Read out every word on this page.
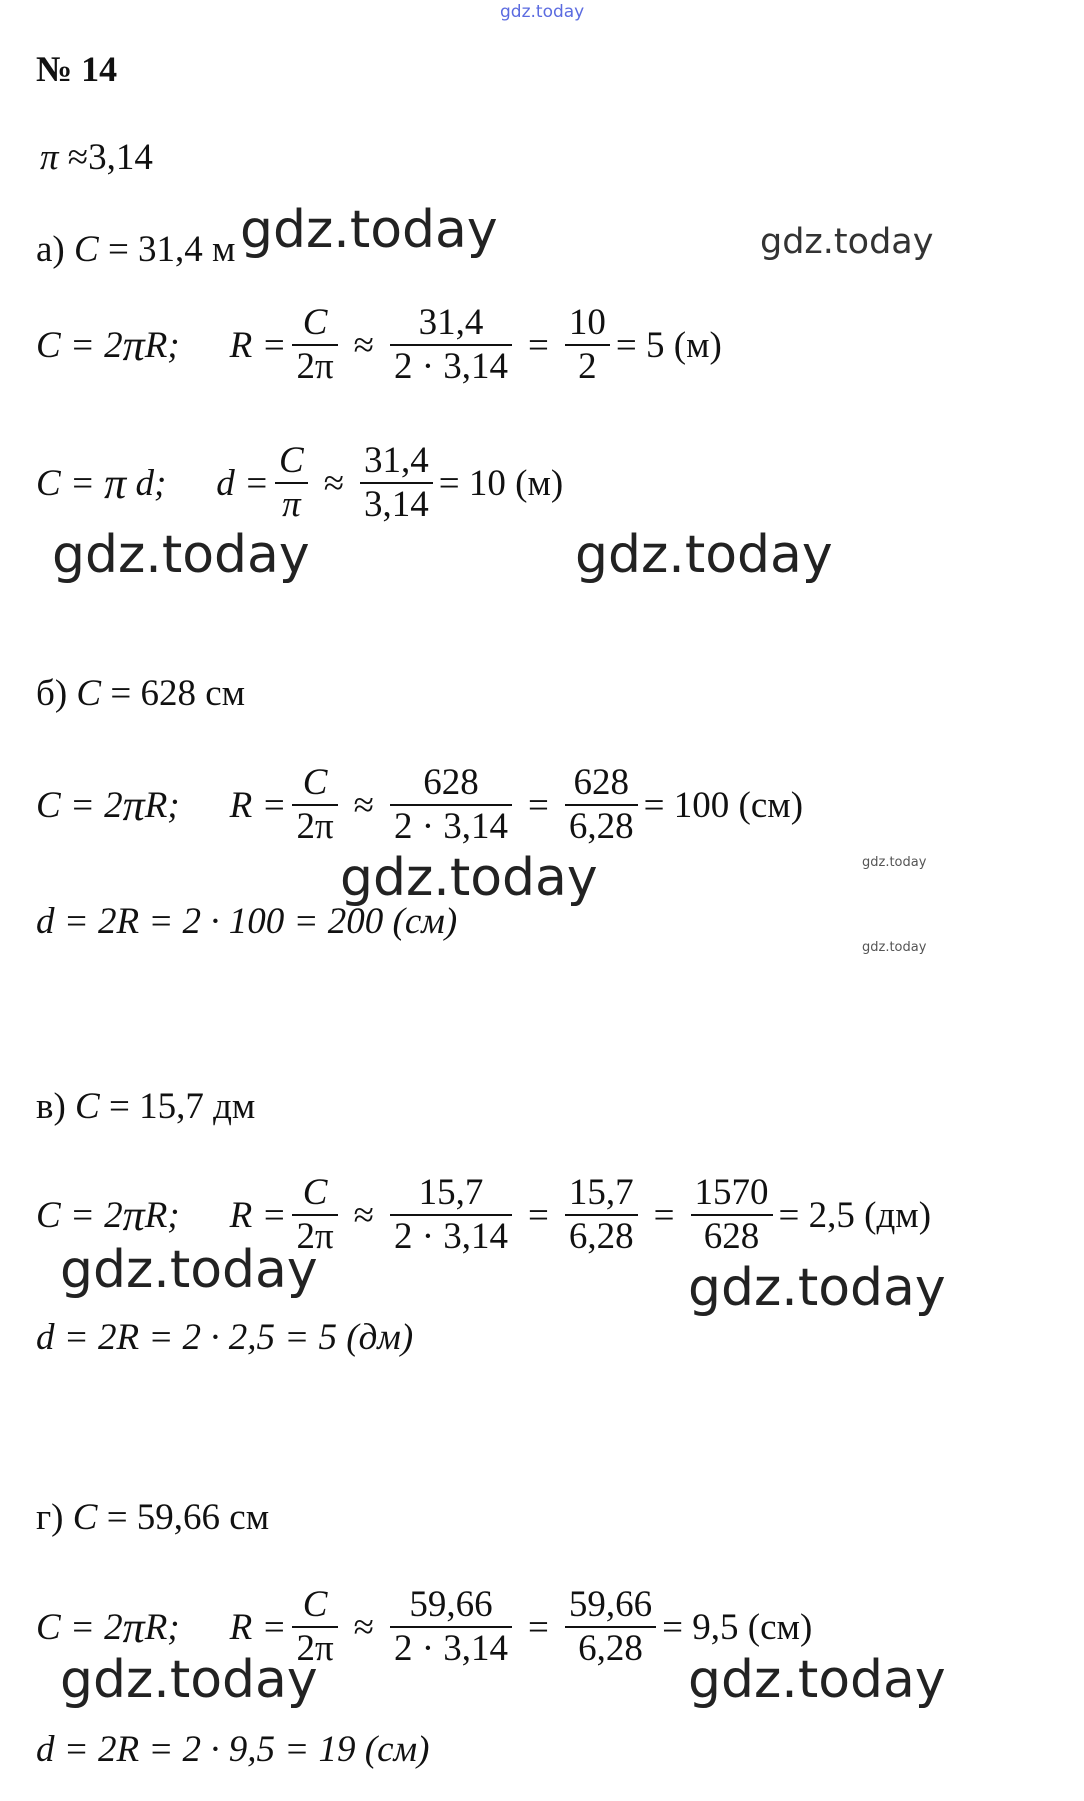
gdz.today
№ 14
π ≈3,14
а) C = 31,4 м gdz.today	gdz.today
C = 2 π R; $R = \frac{C}{2\pi} \approx \frac{31,4}{2 \cdot 3,14} = \frac{10}{2} = 5$ (м)
C =
π
d; $d = \frac{C}{\pi} \approx \frac{31,4}{3,14} = 10$ (м)
gdz.today	gdz.today
б) C = 628 см
C = 2 π R; $R = \frac{C}{2\pi} \approx \frac{628}{2 \cdot 3,14} = \frac{628}{6,28} = 100$ (см)
gdz.today	gdz.today
d = 2R = 2 · 100 = 200 (см)
gdz.today
в) C = 15,7 дм
C = 2 π R; $R = \frac{C}{2\pi} \approx \frac{15,7}{2 \cdot 3,14} = \frac{15,7}{6,28} = \frac{1570}{628} = 2,5$ (дм)
gdz.today	gdz.today
d = 2R = 2 · 2,5 = 5 (дм)
г) C = 59,66 см
C = 2 π R; $R = \frac{C}{2\pi} \approx \frac{59,66}{2 \cdot 3,14} = \frac{59,66}{6,28} = 9,5$ (см)
gdz.today	gdz.today
d = 2R = 2 · 9,5 = 19 (см)
